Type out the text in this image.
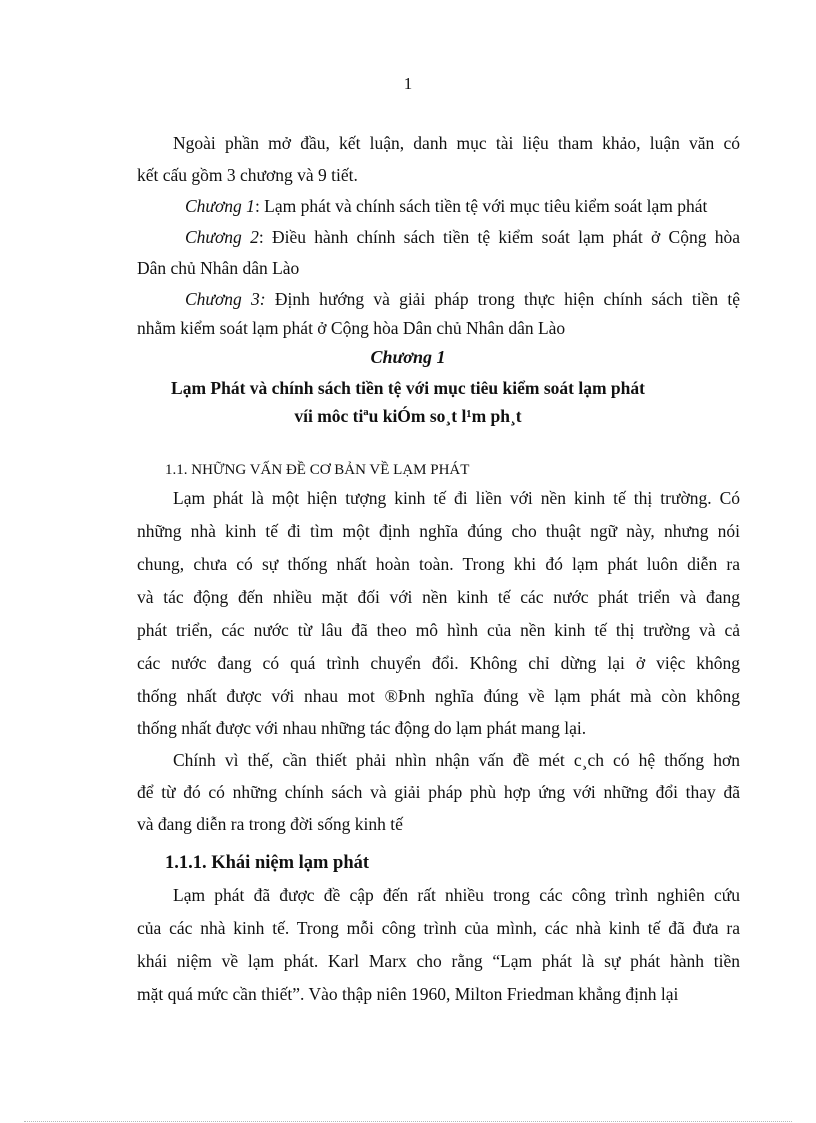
1
Ngoài phần mở đầu, kết luận, danh mục tài liệu tham khảo, luận văn có
kết cấu gồm 3 chương và 9 tiết.
Chương 1: Lạm phát và chính sách tiền tệ với mục tiêu kiểm soát lạm phát
Chương 2: Điều hành chính sách tiền tệ kiểm soát lạm phát ở Cộng hòa
Dân chủ Nhân dân Lào
Chương 3: Định hướng và giải pháp trong thực hiện chính sách tiền tệ
nhằm kiểm soát lạm phát ở Cộng hòa Dân chủ Nhân dân Lào
Chương 1
Lạm Phát và chính sách tiền tệ với mục tiêu kiểm soát lạm phát
víi môc tiªu kiÓm so¸t l¹m ph¸t
1.1. NHỮNG VẤN ĐỀ CƠ BẢN VỀ LẠM PHÁT
Lạm phát là một hiện tượng kinh tế đi liền với nền kinh tế thị trường. Có
những nhà kinh tế đi tìm một định nghĩa đúng cho thuật ngữ này, nhưng nói
chung, chưa có sự thống nhất hoàn toàn. Trong khi đó lạm phát luôn diễn ra
và tác động đến nhiều mặt đối với nền kinh tế các nước phát triển và đang
phát triển, các nước từ lâu đã theo mô hình của nền kinh tế thị trường và cả
các nước đang có quá trình chuyển đổi. Không chỉ dừng lại ở việc không
thống nhất được với nhau mot ®Þnh nghĩa đúng về lạm phát mà còn không
thống nhất được với nhau những tác động do lạm phát mang lại.
Chính vì thế, cần thiết phải nhìn nhận vấn đề mét c¸ch có hệ thống hơn
để từ đó có những chính sách và giải pháp phù hợp ứng với những đổi thay đã
và đang diễn ra trong đời sống kinh tế
1.1.1. Khái niệm lạm phát
Lạm phát đã được đề cập đến rất nhiều trong các công trình nghiên cứu
của các nhà kinh tế. Trong mỗi công trình của mình, các nhà kinh tế đã đưa ra
khái niệm về lạm phát. Karl Marx cho rằng “Lạm phát là sự phát hành tiền
mặt quá mức cần thiết”. Vào thập niên 1960, Milton Friedman khẳng định lại
